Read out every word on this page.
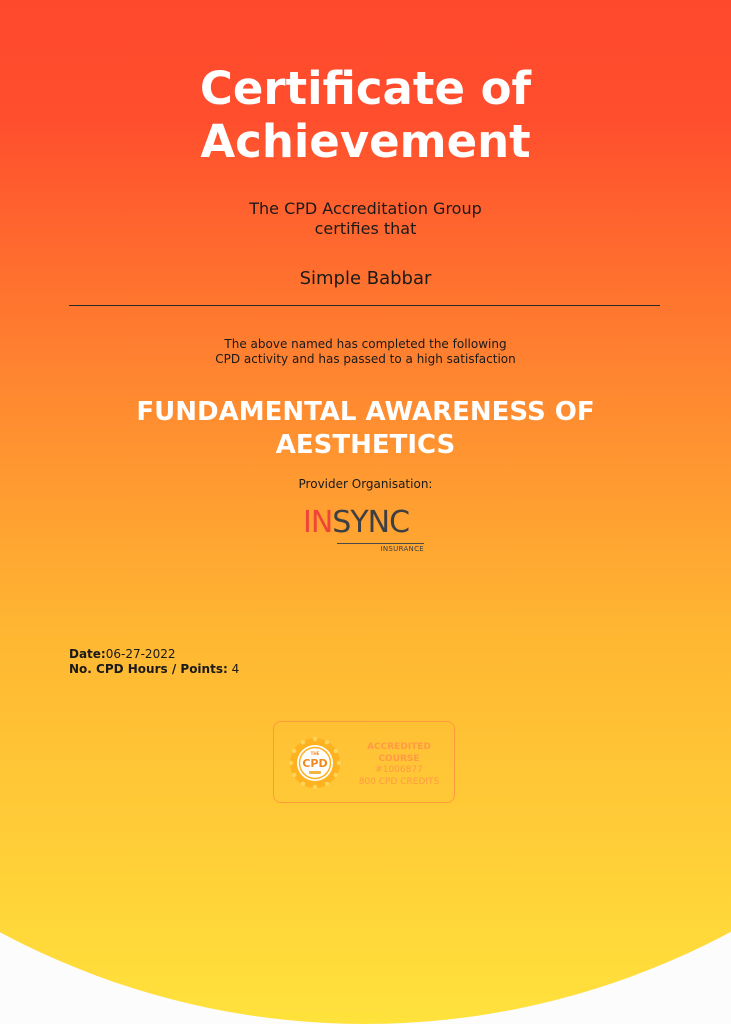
Certificate of
Achievement
The CPD Accreditation Group
certifies that
Simple Babbar
The above named has completed the following
CPD activity and has passed to a high satisfaction
FUNDAMENTAL AWARENESS OF
AESTHETICS
Provider Organisation:
INSYNC
INSURANCE
Date:06-27-2022
No. CPD Hours / Points: 4
THE
CPD
ACCREDITED
COURSE
#1006877
800 CPD CREDITS
